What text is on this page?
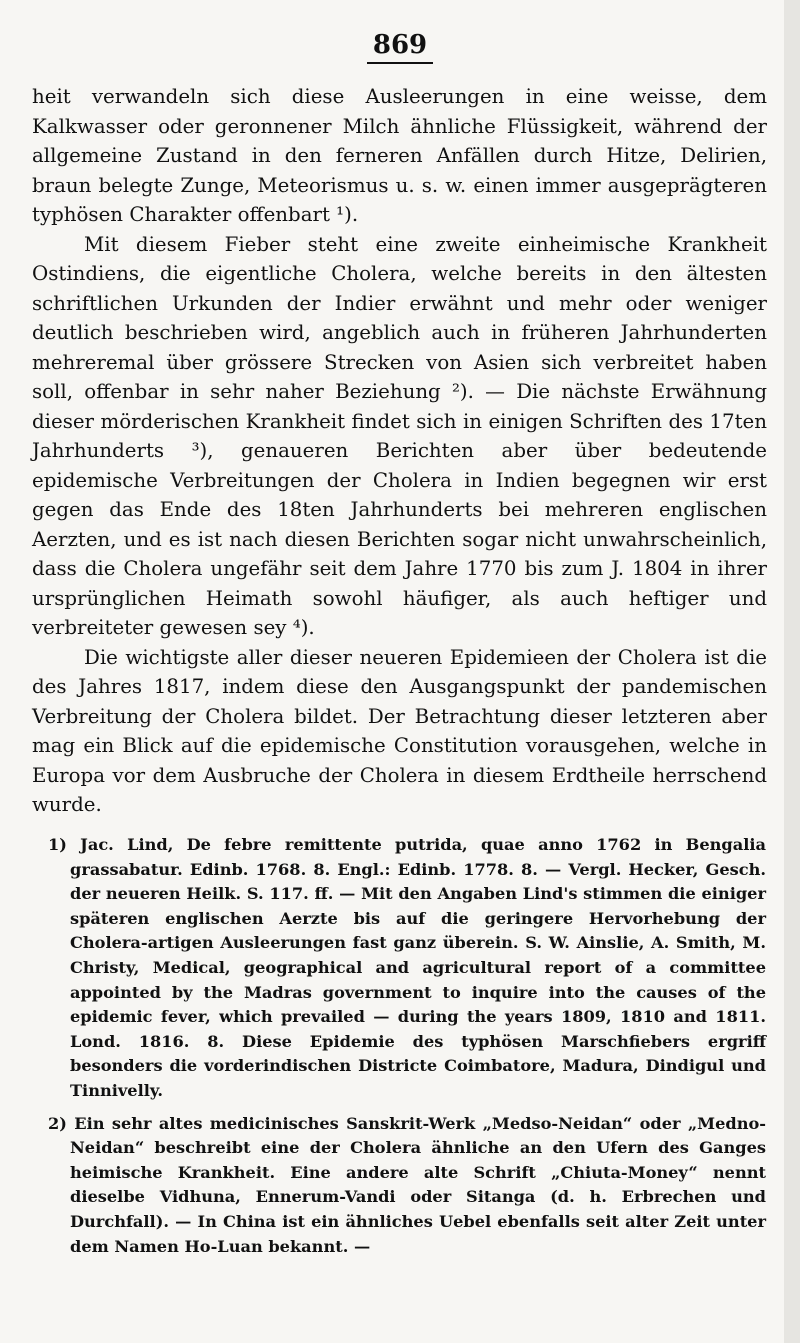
869

heit verwandeln sich diese Ausleerungen in eine weisse, dem Kalkwasser oder geronnener Milch ähnliche Flüssigkeit, während der allgemeine Zustand in den ferneren Anfällen durch Hitze, Delirien, braun belegte Zunge, Meteorismus u. s. w. einen immer ausgeprägteren typhösen Charakter offenbart ¹).

Mit diesem Fieber steht eine zweite einheimische Krankheit Ostindiens, die eigentliche Cholera, welche bereits in den ältesten schriftlichen Urkunden der Indier erwähnt und mehr oder weniger deutlich beschrieben wird, angeblich auch in früheren Jahrhunderten mehreremal über grössere Strecken von Asien sich verbreitet haben soll, offenbar in sehr naher Beziehung ²). — Die nächste Erwähnung dieser mörderischen Krankheit findet sich in einigen Schriften des 17ten Jahrhunderts ³), genaueren Berichten aber über bedeutende epidemische Verbreitungen der Cholera in Indien begegnen wir erst gegen das Ende des 18ten Jahrhunderts bei mehreren englischen Aerzten, und es ist nach diesen Berichten sogar nicht unwahrscheinlich, dass die Cholera ungefähr seit dem Jahre 1770 bis zum J. 1804 in ihrer ursprünglichen Heimath sowohl häufiger, als auch heftiger und verbreiteter gewesen sey ⁴).

Die wichtigste aller dieser neueren Epidemieen der Cholera ist die des Jahres 1817, indem diese den Ausgangspunkt der pandemischen Verbreitung der Cholera bildet. Der Betrachtung dieser letzteren aber mag ein Blick auf die epidemische Constitution vorausgehen, welche in Europa vor dem Ausbruche der Cholera in diesem Erdtheile herrschend wurde.

1) Jac. Lind, De febre remittente putrida, quae anno 1762 in Bengalia grassabatur. Edinb. 1768. 8. Engl.: Edinb. 1778. 8. — Vergl. Hecker, Gesch. der neueren Heilk. S. 117. ff. — Mit den Angaben Lind's stimmen die einiger späteren englischen Aerzte bis auf die geringere Hervorhebung der Cholera-artigen Ausleerungen fast ganz überein. S. W. Ainslie, A. Smith, M. Christy, Medical, geographical and agricultural report of a committee appointed by the Madras government to inquire into the causes of the epidemic fever, which prevailed — during the years 1809, 1810 and 1811. Lond. 1816. 8. Diese Epidemie des typhösen Marschfiebers ergriff besonders die vorderindischen Districte Coimbatore, Madura, Dindigul und Tinnivelly.

2) Ein sehr altes medicinisches Sanskrit-Werk „Medso-Neidan“ oder „Medno-Neidan“ beschreibt eine der Cholera ähnliche an den Ufern des Ganges heimische Krankheit. Eine andere alte Schrift „Chiuta-Money“ nennt dieselbe Vidhuna, Ennerum-Vandi oder Sitanga (d. h. Erbrechen und Durchfall). — In China ist ein ähnliches Uebel ebenfalls seit alter Zeit unter dem Namen Ho-Luan bekannt. —
